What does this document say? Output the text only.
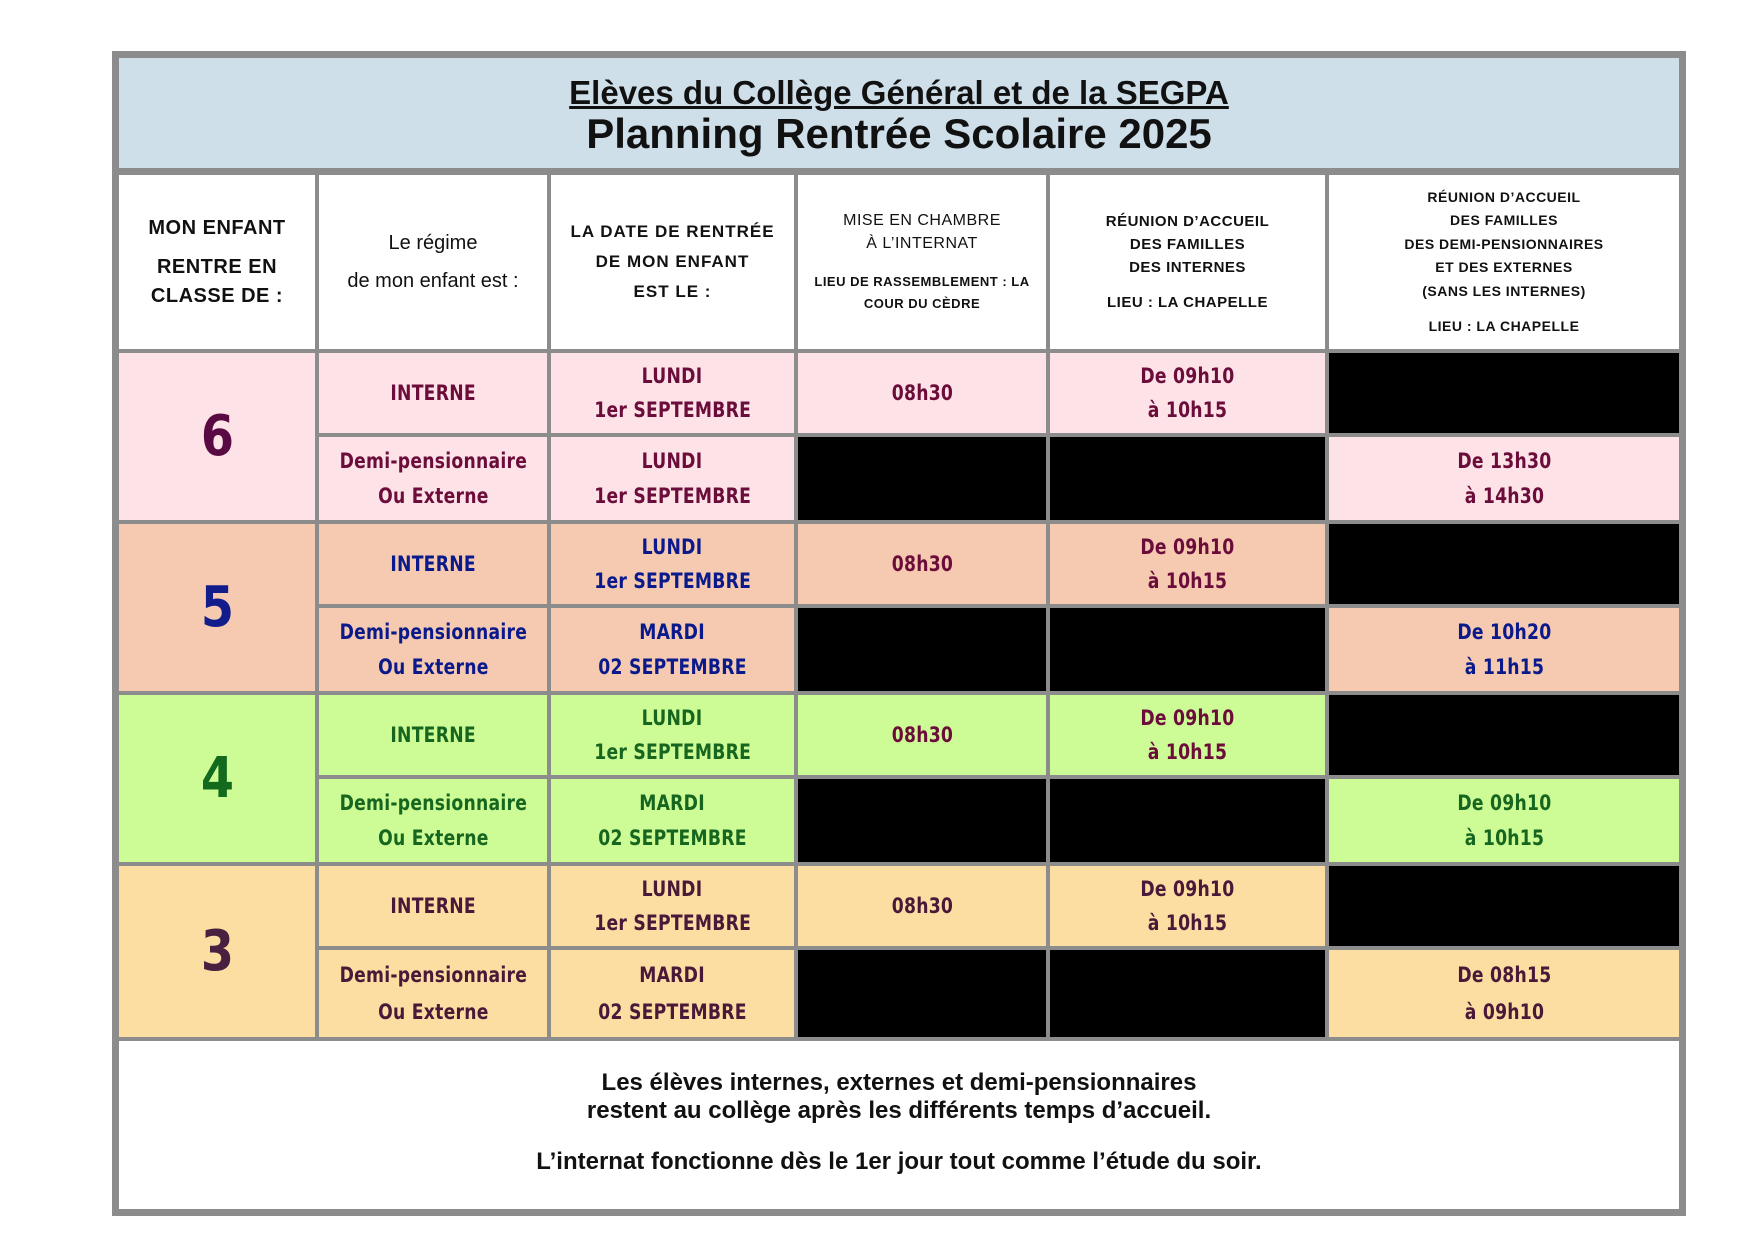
Elèves du Collège Général et de la SEGPA
Planning Rentrée Scolaire 2025
MON ENFANT
RENTRE EN
CLASSE DE :
Le régime
de mon enfant est :
LA DATE DE RENTRÉE
DE MON ENFANT
EST LE :
MISE EN CHAMBRE
À L’INTERNAT
LIEU DE RASSEMBLEMENT : LA
COUR DU CÈDRE
RÉUNION D’ACCUEIL
DES FAMILLES
DES INTERNES
LIEU : LA CHAPELLE
RÉUNION D’ACCUEIL
DES FAMILLES
DES DEMI-PENSIONNAIRES
ET DES EXTERNES
(SANS LES INTERNES)
LIEU : LA CHAPELLE
6
INTERNE
LUNDI
1er SEPTEMBRE
08h30
De 09h10
à 10h15
Demi-pensionnaire
Ou Externe
LUNDI
1er SEPTEMBRE
De 13h30
à 14h30
5
INTERNE
LUNDI
1er SEPTEMBRE
08h30
De 09h10
à 10h15
Demi-pensionnaire
Ou Externe
MARDI
02 SEPTEMBRE
De 10h20
à 11h15
4
INTERNE
LUNDI
1er SEPTEMBRE
08h30
De 09h10
à 10h15
Demi-pensionnaire
Ou Externe
MARDI
02 SEPTEMBRE
De 09h10
à 10h15
3
INTERNE
LUNDI
1er SEPTEMBRE
08h30
De 09h10
à 10h15
Demi-pensionnaire
Ou Externe
MARDI
02 SEPTEMBRE
De 08h15
à 09h10
Les élèves internes, externes et demi-pensionnaires
restent au collège après les différents temps d’accueil.
L’internat fonctionne dès le 1er jour tout comme l’étude du soir.
